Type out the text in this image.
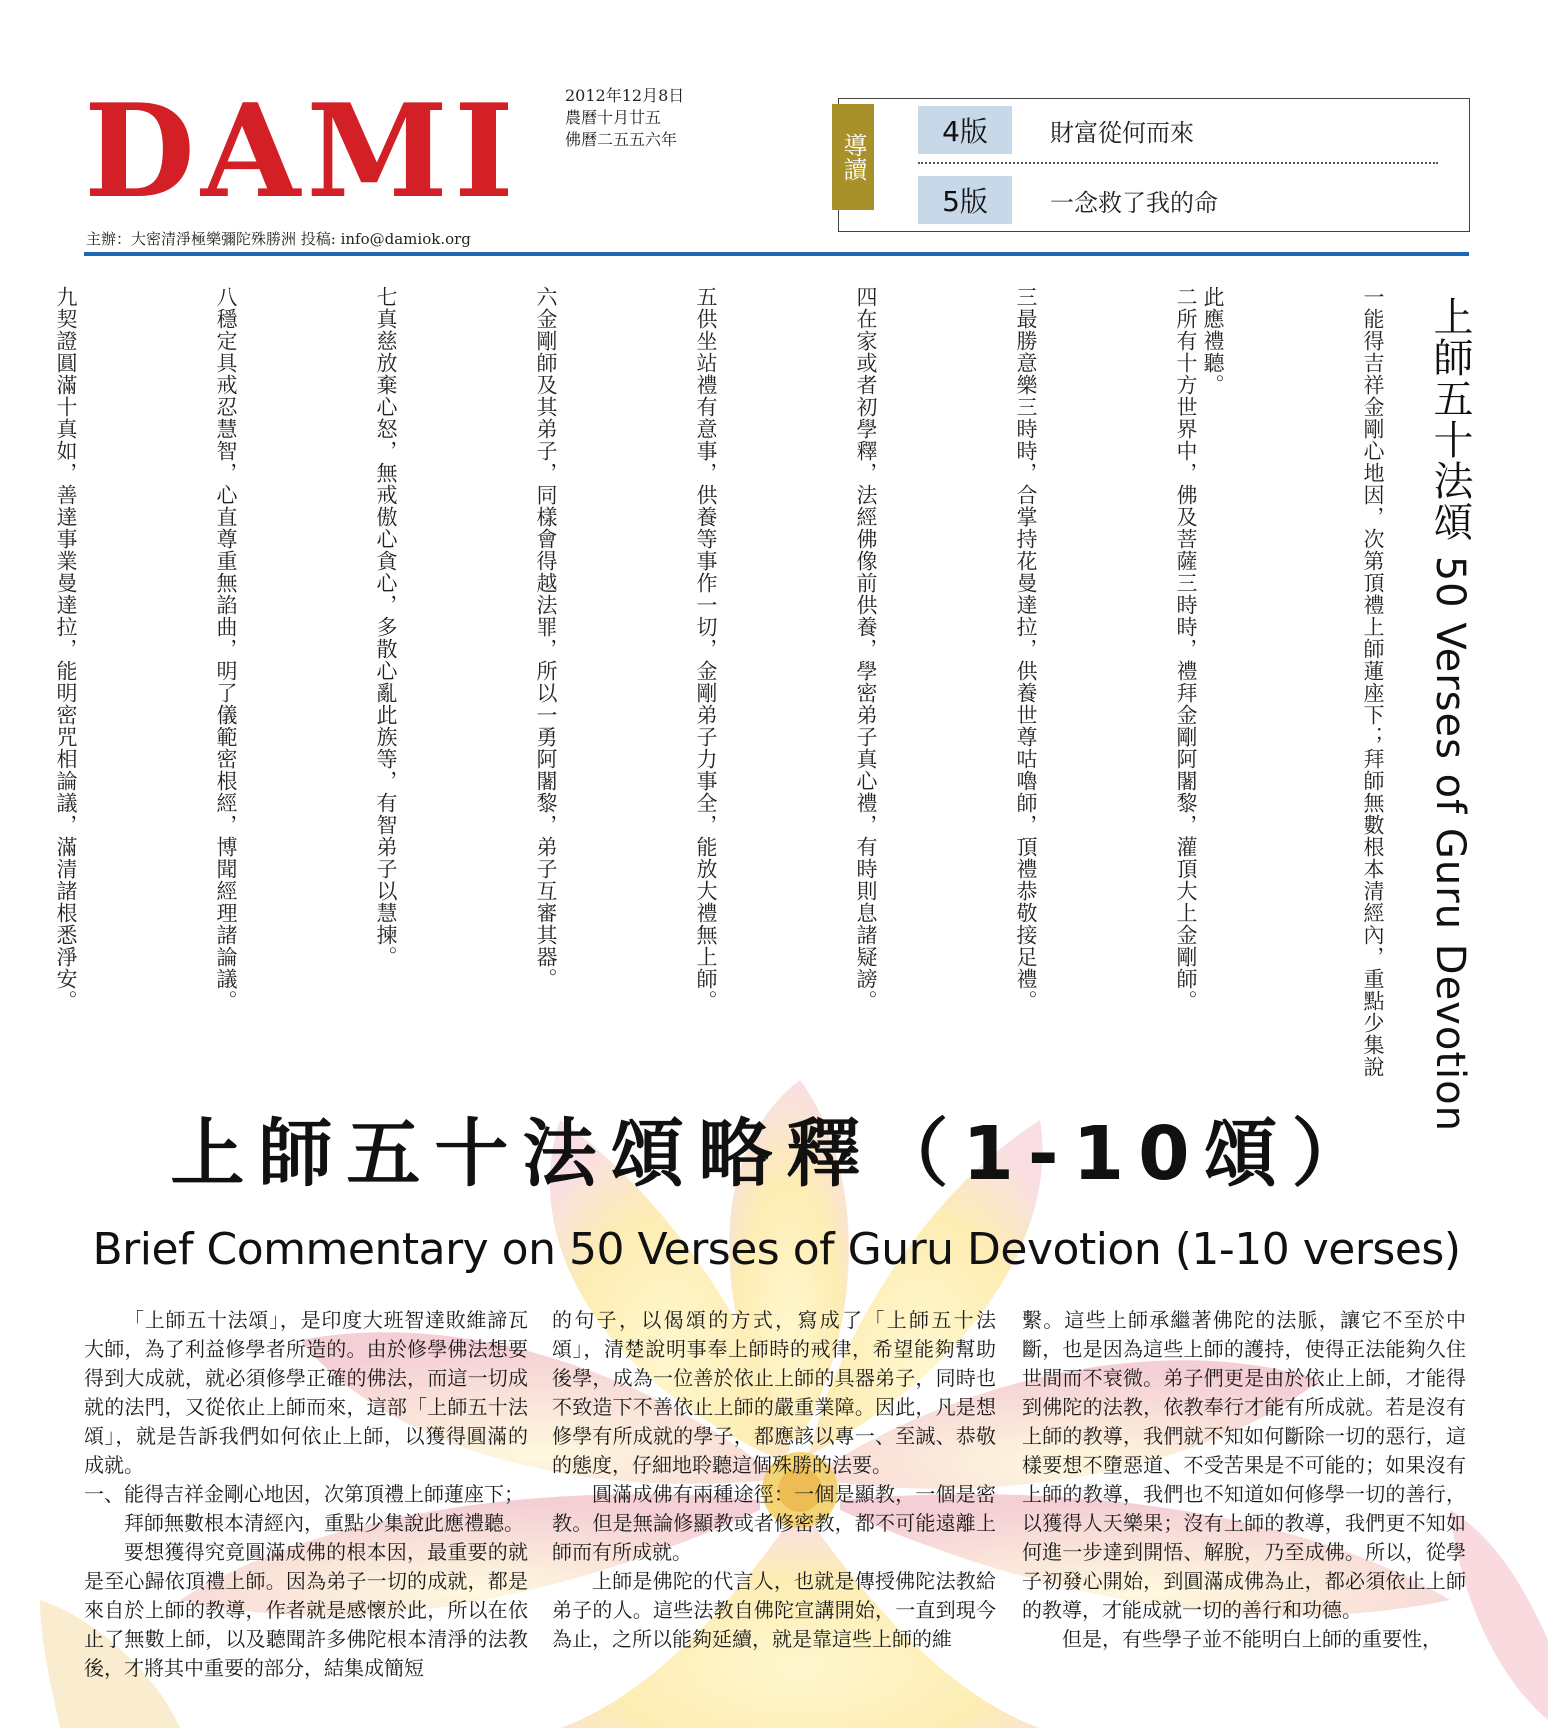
DAMI	2012年12月8日
農曆十月廿五
佛曆二五五六年
主辦：大密清淨極樂彌陀殊勝洲 投稿: info@damiok.org
導讀
4版	財富從何而來
5版	一念救了我的命
上師五十法頌 50 Verses of Guru Devotion

一能得吉祥金剛心地因，次第頂禮上師蓮座下；拜師無數根本清經內，重點少集說此應禮聽。

二所有十方世界中，佛及菩薩三時時，禮拜金剛阿闍黎，灌頂大上金剛師。

三最勝意樂三時時，合掌持花曼達拉，供養世尊咕嚕師，頂禮恭敬接足禮。

四在家或者初學釋，法經佛像前供養，學密弟子真心禮，有時則息諸疑謗。

五供坐站禮有意事，供養等事作一切，金剛弟子力事全，能放大禮無上師。

六金剛師及其弟子，同樣會得越法罪，所以一勇阿闍黎，弟子互審其器。

七真慈放棄心怒，無戒傲心貪心，多散心亂此族等，有智弟子以慧揀。

八穩定具戒忍慧智，心直尊重無諂曲，明了儀範密根經，博聞經理諸論議。

九契證圓滿十真如，善達事業曼達拉，能明密咒相論議，滿清諸根悉淨安。

上師五十法頌略釋（1-10頌）
Brief Commentary on 50 Verses of Guru Devotion (1-10 verses)

「上師五十法頌」，是印度大班智達敗維諦瓦大師，為了利益修學者所造的。由於修學佛法想要得到大成就，就必須修學正確的佛法，而這一切成就的法門，又從依止上師而來，這部「上師五十法頌」，就是告訴我們如何依止上師，以獲得圓滿的成就。

一、能得吉祥金剛心地因，次第頂禮上師蓮座下；

拜師無數根本清經內，重點少集說此應禮聽。

要想獲得究竟圓滿成佛的根本因，最重要的就是至心歸依頂禮上師。因為弟子一切的成就，都是來自於上師的教導，作者就是感懷於此，所以在依止了無數上師，以及聽聞許多佛陀根本清淨的法教後，才將其中重要的部分，結集成簡短

的句子，以偈頌的方式，寫成了「上師五十法頌」，清楚說明事奉上師時的戒律，希望能夠幫助後學，成為一位善於依止上師的具器弟子，同時也不致造下不善依止上師的嚴重業障。因此，凡是想修學有所成就的學子，都應該以專一、至誠、恭敬的態度，仔細地聆聽這個殊勝的法要。

圓滿成佛有兩種途徑：一個是顯教，一個是密教。但是無論修顯教或者修密教，都不可能遠離上師而有所成就。

上師是佛陀的代言人，也就是傳授佛陀法教給弟子的人。這些法教自佛陀宣講開始，一直到現今為止，之所以能夠延續，就是靠這些上師的維

繫。這些上師承繼著佛陀的法脈，讓它不至於中斷，也是因為這些上師的護持，使得正法能夠久住世間而不衰微。弟子們更是由於依止上師，才能得到佛陀的法教，依教奉行才能有所成就。若是沒有上師的教導，我們就不知如何斷除一切的惡行，這樣要想不墮惡道、不受苦果是不可能的；如果沒有上師的教導，我們也不知道如何修學一切的善行，以獲得人天樂果；沒有上師的教導，我們更不知如何進一步達到開悟、解脫，乃至成佛。所以，從學子初發心開始，到圓滿成佛為止，都必須依止上師的教導，才能成就一切的善行和功德。

但是，有些學子並不能明白上師的重要性，
